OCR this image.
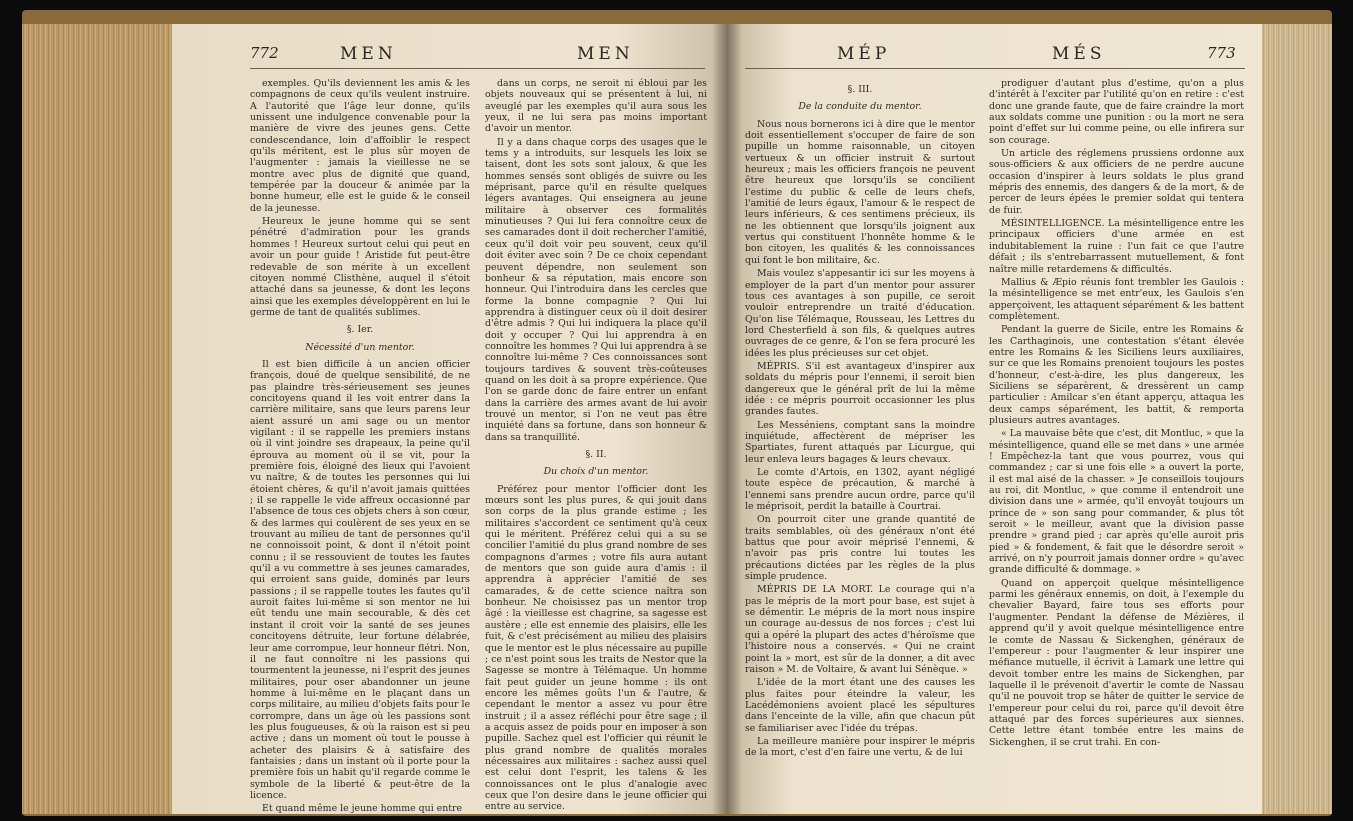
772	MEN	MEN

exemples. Qu'ils deviennent les amis & les compagnons de ceux qu'ils veulent instruire. A l'autorité que l'âge leur donne, qu'ils unissent une indulgence convenable pour la manière de vivre des jeunes gens. Cette condescendance, loin d'affoiblir le respect qu'ils méritent, est le plus sûr moyen de l'augmenter : jamais la vieillesse ne se montre avec plus de dignité que quand, tempérée par la douceur & animée par la bonne humeur, elle est le guide & le conseil de la jeunesse.

Heureux le jeune homme qui se sent pénétré d'admiration pour les grands hommes ! Heureux surtout celui qui peut en avoir un pour guide ! Aristide fut peut-être redevable de son mérite à un excellent citoyen nommé Clisthène, auquel il s'étoit attaché dans sa jeunesse, & dont les leçons ainsi que les exemples développèrent en lui le germe de tant de qualités sublimes.

§. Ier.

Nécessité d'un mentor.

Il est bien difficile à un ancien officier françois, doué de quelque sensibilité, de ne pas plaindre très-sérieusement ses jeunes concitoyens quand il les voit entrer dans la carrière militaire, sans que leurs parens leur aient assuré un ami sage ou un mentor vigilant : il se rappelle les premiers instans où il vint joindre ses drapeaux, la peine qu'il éprouva au moment où il se vit, pour la première fois, éloigné des lieux qui l'avoient vu naître, & de toutes les personnes qui lui étoient chères, & qu'il n'avoit jamais quittées ; il se rappelle le vide affreux occasionné par l'absence de tous ces objets chers à son cœur, & des larmes qui coulèrent de ses yeux en se trouvant au milieu de tant de personnes qu'il ne connoissoit point, & dont il n'étoit point connu ; il se ressouvient de toutes les fautes qu'il a vu commettre à ses jeunes camarades, qui erroient sans guide, dominés par leurs passions ; il se rappelle toutes les fautes qu'il auroit faites lui-même si son mentor ne lui eût tendu une main secourable, & dès cet instant il croit voir la santé de ses jeunes concitoyens détruite, leur fortune délabrée, leur ame corrompue, leur honneur flétri. Non, il ne faut connoître ni les passions qui tourmentent la jeunesse, ni l'esprit des jeunes militaires, pour oser abandonner un jeune homme à lui-même en le plaçant dans un corps militaire, au milieu d'objets faits pour le corrompre, dans un âge où les passions sont les plus fougueuses, & où la raison est si peu active ; dans un moment où tout le pousse à acheter des plaisirs & à satisfaire des fantaisies ; dans un instant où il porte pour la première fois un habit qu'il regarde comme le symbole de la liberté & peut-être de la licence.

Et quand même le jeune homme qui entre

dans un corps, ne seroit ni ébloui par les objets nouveaux qui se présentent à lui, ni aveuglé par les exemples qu'il aura sous les yeux, il ne lui sera pas moins important d'avoir un mentor.

Il y a dans chaque corps des usages que le tems y a introduits, sur lesquels les loix se taisent, dont les sots sont jaloux, & que les hommes sensés sont obligés de suivre ou les méprisant, parce qu'il en résulte quelques légers avantages. Qui enseignera au jeune militaire à observer ces formalités minutieuses ? Qui lui fera connoître ceux de ses camarades dont il doit rechercher l'amitié, ceux qu'il doit voir peu souvent, ceux qu'il doit éviter avec soin ? De ce choix cependant peuvent dépendre, non seulement son bonheur & sa réputation, mais encore son honneur. Qui l'introduira dans les cercles que forme la bonne compagnie ? Qui lui apprendra à distinguer ceux où il doit desirer d'être admis ? Qui lui indiquera la place qu'il doit y occuper ? Qui lui apprendra à en connoître les hommes ? Qui lui apprendra à se connoître lui-même ? Ces connoissances sont toujours tardives & souvent très-coûteuses quand on les doit à sa propre expérience. Que l'on se garde donc de faire entrer un enfant dans la carrière des armes avant de lui avoir trouvé un mentor, si l'on ne veut pas être inquiété dans sa fortune, dans son honneur & dans sa tranquillité.

§. II.

Du choix d'un mentor.

Préférez pour mentor l'officier dont les mœurs sont les plus pures, & qui jouit dans son corps de la plus grande estime ; les militaires s'accordent ce sentiment qu'à ceux qui le méritent. Préférez celui qui a su se concilier l'amitié du plus grand nombre de ses compagnons d'armes ; votre fils aura autant de mentors que son guide aura d'amis : il apprendra à apprécier l'amitié de ses camarades, & de cette science naîtra son bonheur. Ne choisissez pas un mentor trop âgé : la vieillesse est chagrine, sa sagesse est austère ; elle est ennemie des plaisirs, elle les fuit, & c'est précisément au milieu des plaisirs que le mentor est le plus nécessaire au pupille ; ce n'est point sous les traits de Nestor que la Sagesse se montre à Télémaque. Un homme fait peut guider un jeune homme : ils ont encore les mêmes goûts l'un & l'autre, & cependant le mentor a assez vu pour être instruit ; il a assez réfléchi pour être sage ; il a acquis assez de poids pour en imposer à son pupille. Sachez quel est l'officier qui réunit le plus grand nombre de qualités morales nécessaires aux militaires : sachez aussi quel est celui dont l'esprit, les talens & les connoissances ont le plus d'analogie avec ceux que l'on desire dans le jeune officier qui entre au service.

MÉP	MÉS	773

§. III.

De la conduite du mentor.

Nous nous bornerons ici à dire que le mentor doit essentiellement s'occuper de faire de son pupille un homme raisonnable, un citoyen vertueux & un officier instruit & surtout heureux ; mais les officiers françois ne peuvent être heureux que lorsqu'ils se concilient l'estime du public & celle de leurs chefs, l'amitié de leurs égaux, l'amour & le respect de leurs inférieurs, & ces sentimens précieux, ils ne les obtiennent que lorsqu'ils joignent aux vertus qui constituent l'honnête homme & le bon citoyen, les qualités & les connoissances qui font le bon militaire, &c.

Mais voulez s'appesantir ici sur les moyens à employer de la part d'un mentor pour assurer tous ces avantages à son pupille, ce seroit vouloir entreprendre un traité d'éducation. Qu'on lise Télémaque, Rousseau, les Lettres du lord Chesterfield à son fils, & quelques autres ouvrages de ce genre, & l'on se fera procuré les idées les plus précieuses sur cet objet.

MÉPRIS. S'il est avantageux d'inspirer aux soldats du mépris pour l'ennemi, il seroit bien dangereux que le général prît de lui la même idée : ce mépris pourroit occasionner les plus grandes fautes.

Les Messéniens, comptant sans la moindre inquiétude, affectèrent de mépriser les Spartiates, furent attaqués par Licurgue, qui leur enleva leurs bagages & leurs chevaux.

Le comte d'Artois, en 1302, ayant négligé toute espèce de précaution, & marché à l'ennemi sans prendre aucun ordre, parce qu'il le méprisoit, perdit la bataille à Courtrai.

On pourroit citer une grande quantité de traits semblables, où des généraux n'ont été battus que pour avoir méprisé l'ennemi, & n'avoir pas pris contre lui toutes les précautions dictées par les règles de la plus simple prudence.

MÉPRIS DE LA MORT. Le courage qui n'a pas le mépris de la mort pour base, est sujet à se démentir. Le mépris de la mort nous inspire un courage au-dessus de nos forces ; c'est lui qui a opéré la plupart des actes d'héroïsme que l'histoire nous a conservés. « Qui ne craint point la » mort, est sûr de la donner, a dit avec raison » M. de Voltaire, & avant lui Sénèque. »

L'idée de la mort étant une des causes les plus faites pour éteindre la valeur, les Lacédémoniens avoient placé les sépultures dans l'enceinte de la ville, afin que chacun pût se familiariser avec l'idée du trépas.

La meilleure manière pour inspirer le mépris de la mort, c'est d'en faire une vertu, & de lui

prodiguer d'autant plus d'estime, qu'on a plus d'intérêt à l'exciter par l'utilité qu'on en retire : c'est donc une grande faute, que de faire craindre la mort aux soldats comme une punition : ou la mort ne sera point d'effet sur lui comme peine, ou elle infirera sur son courage.

Un article des réglemens prussiens ordonne aux sous-officiers & aux officiers de ne perdre aucune occasion d'inspirer à leurs soldats le plus grand mépris des ennemis, des dangers & de la mort, & de percer de leurs épées le premier soldat qui tentera de fuir.

MÉSINTELLIGENCE. La mésintelligence entre les principaux officiers d'une armée en est indubitablement la ruine : l'un fait ce que l'autre défait ; ils s'entrebarrassent mutuellement, & font naître mille retardemens & difficultés.

Mallius & Æpio réunis font trembler les Gaulois : la mésintelligence se met entr'eux, les Gaulois s'en apperçoivent, les attaquent séparément & les battent complètement.

Pendant la guerre de Sicile, entre les Romains & les Carthaginois, une contestation s'étant élevée entre les Romains & les Siciliens leurs auxiliaires, sur ce que les Romains prenoient toujours les postes d'honneur, c'est-à-dire, les plus dangereux, les Siciliens se séparèrent, & dressèrent un camp particulier : Amilcar s'en étant apperçu, attaqua les deux camps séparément, les battit, & remporta plusieurs autres avantages.

« La mauvaise bête que c'est, dit Montluc, » que la mésintelligence, quand elle se met dans » une armée ! Empêchez-la tant que vous pourrez, vous qui commandez ; car si une fois elle » a ouvert la porte, il est mal aisé de la chasser. » Je conseillois toujours au roi, dit Montluc, » que comme il entendroit une division dans une » armée, qu'il envoyât toujours un prince de » son sang pour commander, & plus tôt seroit » le meilleur, avant que la division passe prendre » grand pied ; car après qu'elle auroit pris pied » & fondement, & fait que le désordre seroit » arrivé, on n'y pourroit jamais donner ordre » qu'avec grande difficulté & dommage. »

Quand on apperçoit quelque mésintelligence parmi les généraux ennemis, on doit, à l'exemple du chevalier Bayard, faire tous ses efforts pour l'augmenter. Pendant la défense de Mézières, il apprend qu'il y avoit quelque mésintelligence entre le comte de Nassau & Sickenghen, généraux de l'empereur : pour l'augmenter & leur inspirer une méfiance mutuelle, il écrivit à Lamark une lettre qui devoit tomber entre les mains de Sickenghen, par laquelle il le prévenoit d'avertir le comte de Nassau qu'il ne pouvoit trop se hâter de quitter le service de l'empereur pour celui du roi, parce qu'il devoit être attaqué par des forces supérieures aux siennes. Cette lettre étant tombée entre les mains de Sickenghen, il se crut trahi. En con-
